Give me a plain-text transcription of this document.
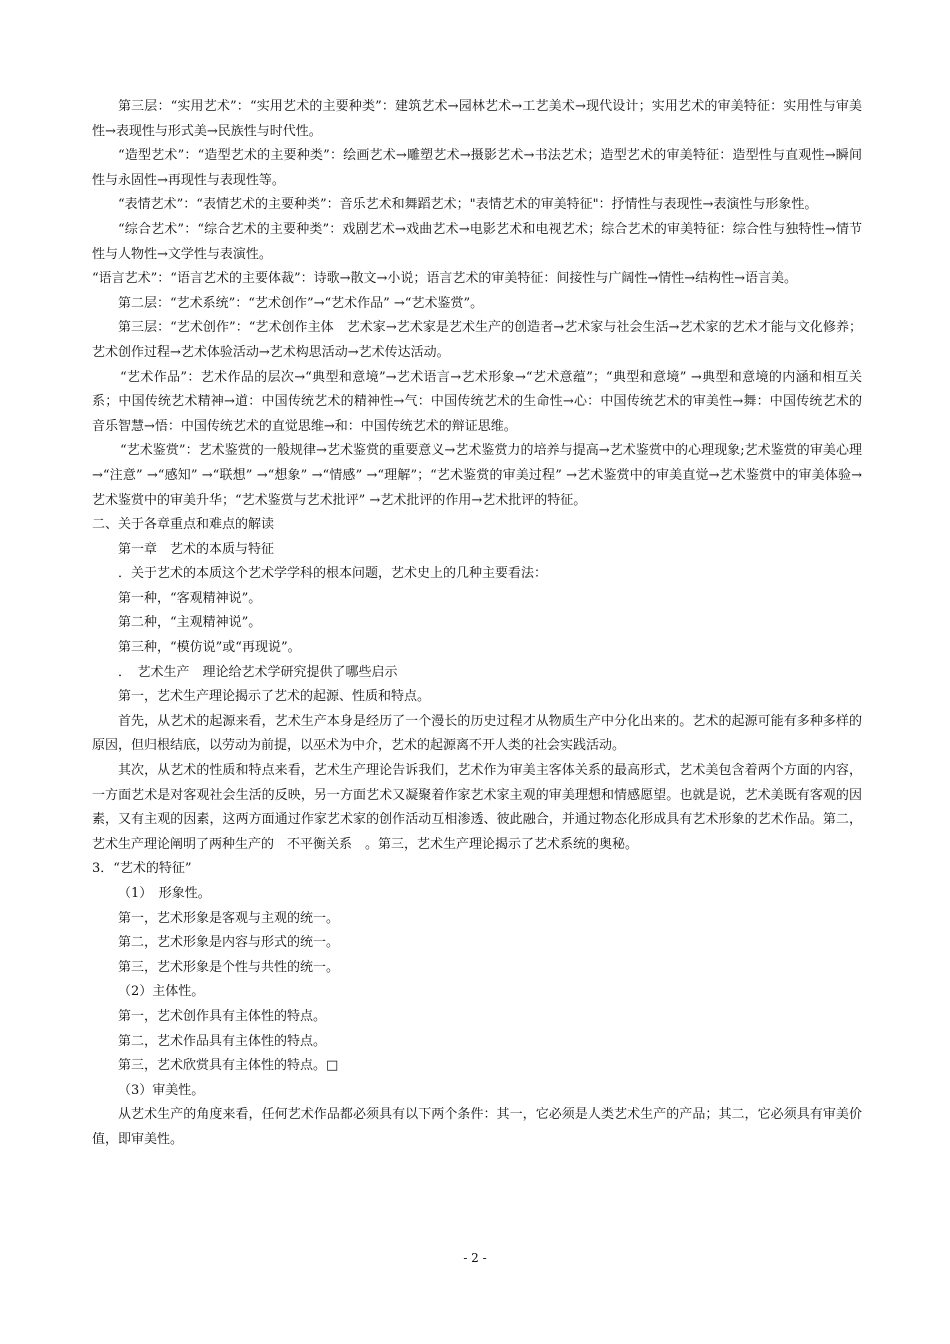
第三层：“实用艺术”：“实用艺术的主要种类”：建筑艺术→园林艺术→工艺美术→现代设计；实用艺术的审美特征：实用性与审美性→表现性与形式美→民族性与时代性。

“造型艺术”：“造型艺术的主要种类”：绘画艺术→雕塑艺术→摄影艺术→书法艺术；造型艺术的审美特征：造型性与直观性→瞬间性与永固性→再现性与表现性等。

“表情艺术”：“表情艺术的主要种类”：音乐艺术和舞蹈艺术；"表情艺术的审美特征"：抒情性与表现性→表演性与形象性。

“综合艺术”：“综合艺术的主要种类”：戏剧艺术→戏曲艺术→电影艺术和电视艺术；综合艺术的审美特征：综合性与独特性→情节性与人物性→文学性与表演性。

“语言艺术”：“语言艺术的主要体裁”：诗歌→散文→小说；语言艺术的审美特征：间接性与广阔性→情性→结构性→语言美。

第二层：“艺术系统”：“艺术创作”→“艺术作品” →“艺术鉴赏”。

第三层：“艺术创作”：“艺术创作主体　艺术家→艺术家是艺术生产的创造者→艺术家与社会生活→艺术家的艺术才能与文化修养；艺术创作过程→艺术体验活动→艺术构思活动→艺术传达活动。

“艺术作品”：艺术作品的层次→“典型和意境”→艺术语言→艺术形象→“艺术意蕴”；“典型和意境” →典型和意境的内涵和相互关系；中国传统艺术精神→道：中国传统艺术的精神性→气：中国传统艺术的生命性→心：中国传统艺术的审美性→舞：中国传统艺术的音乐智慧→悟：中国传统艺术的直觉思维→和：中国传统艺术的辩证思维。

“艺术鉴赏”：艺术鉴赏的一般规律→艺术鉴赏的重要意义→艺术鉴赏力的培养与提高→艺术鉴赏中的心理现象;艺术鉴赏的审美心理→“注意” →“感知” →“联想” →“想象” →“情感” →“理解”；“艺术鉴赏的审美过程” →艺术鉴赏中的审美直觉→艺术鉴赏中的审美体验→艺术鉴赏中的审美升华；“艺术鉴赏与艺术批评” →艺术批评的作用→艺术批评的特征。

二、关于各章重点和难点的解读

第一章　艺术的本质与特征

．关于艺术的本质这个艺术学学科的根本问题，艺术史上的几种主要看法：

第一种，“客观精神说”。

第二种，“主观精神说”。

第三种，“模仿说”或“再现说”。

．　艺术生产　理论给艺术学研究提供了哪些启示

第一，艺术生产理论揭示了艺术的起源、性质和特点。

首先，从艺术的起源来看，艺术生产本身是经历了一个漫长的历史过程才从物质生产中分化出来的。艺术的起源可能有多种多样的原因，但归根结底，以劳动为前提，以巫术为中介，艺术的起源离不开人类的社会实践活动。

其次，从艺术的性质和特点来看，艺术生产理论告诉我们，艺术作为审美主客体关系的最高形式，艺术美包含着两个方面的内容，一方面艺术是对客观社会生活的反映，另一方面艺术又凝聚着作家艺术家主观的审美理想和情感愿望。也就是说，艺术美既有客观的因素，又有主观的因素，这两方面通过作家艺术家的创作活动互相渗透、彼此融合，并通过物态化形成具有艺术形象的艺术作品。第二，艺术生产理论阐明了两种生产的　不平衡关系　。第三，艺术生产理论揭示了艺术系统的奥秘。

3．“艺术的特征”

（1）　形象性。

第一，艺术形象是客观与主观的统一。

第二，艺术形象是内容与形式的统一。

第三，艺术形象是个性与共性的统一。

（2）主体性。

第一，艺术创作具有主体性的特点。

第二，艺术作品具有主体性的特点。

第三，艺术欣赏具有主体性的特点。□

（3）审美性。

从艺术生产的角度来看，任何艺术作品都必须具有以下两个条件：其一，它必须是人类艺术生产的产品；其二，它必须具有审美价值，即审美性。

- 2 -
